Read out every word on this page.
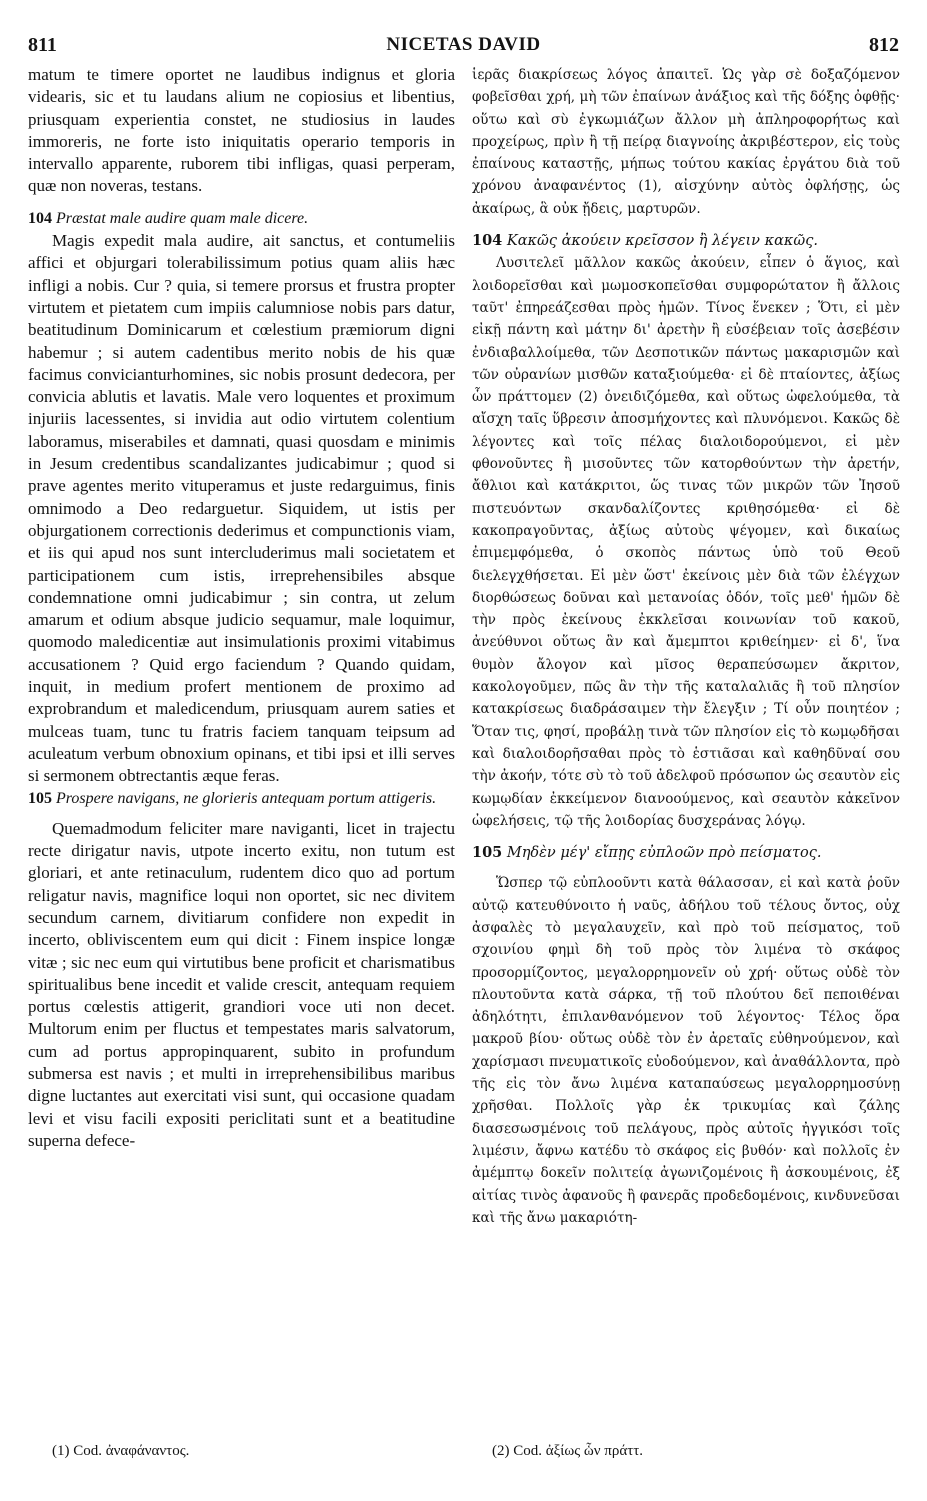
811	NICETAS DAVID	812

matum te timere oportet ne laudibus indignus et gloria videaris, sic et tu laudans alium ne copiosius et libentius, priusquam experientia constet, ne studiosius in laudes immoreris, ne forte isto iniquitatis operario temporis in intervallo apparente, ruborem tibi infligas, quasi perperam, quæ non noveras, testans.

104 Præstat male audire quam male dicere.

Magis expedit mala audire, ait sanctus, et contumeliis affici et objurgari tolerabilissimum potius quam aliis hæc infligi a nobis. Cur ? quia, si temere prorsus et frustra propter virtutem et pietatem cum impiis calumniose nobis pars datur, beatitudinum Dominicarum et cœlestium præmiorum digni habemur ; si autem cadentibus merito nobis de his quæ facimus convicianturhomines, sic nobis prosunt dedecora, per convicia ablutis et lavatis. Male vero loquentes et proximum injuriis lacessentes, si invidia aut odio virtutem colentium laboramus, miserabiles et damnati, quasi quosdam e minimis in Jesum credentibus scandalizantes judicabimur ; quod si prave agentes merito vituperamus et juste redarguimus, finis omnimodo a Deo redarguetur. Siquidem, ut istis per objurgationem correctionis dederimus et compunctionis viam, et iis qui apud nos sunt intercluderimus mali societatem et participationem cum istis, irreprehensibiles absque condemnatione omni judicabimur ; sin contra, ut zelum amarum et odium absque judicio sequamur, male loquimur, quomodo maledicentiæ aut insimulationis proximi vitabimus accusationem ? Quid ergo faciendum ? Quando quidam, inquit, in medium profert mentionem de proximo ad exprobrandum et maledicendum, priusquam aurem saties et mulceas tuam, tunc tu fratris faciem tanquam teipsum ad aculeatum verbum obnoxium opinans, et tibi ipsi et illi serves si sermonem obtrectantis æque feras.

105 Prospere navigans, ne glorieris antequam portum attigeris.

Quemadmodum feliciter mare naviganti, licet in trajectu recte dirigatur navis, utpote incerto exitu, non tutum est gloriari, et ante retinaculum, rudentem dico quo ad portum religatur navis, magnifice loqui non oportet, sic nec divitem secundum carnem, divitiarum confidere non expedit in incerto, obliviscentem eum qui dicit : Finem inspice longæ vitæ ; sic nec eum qui virtutibus bene proficit et charismatibus spiritualibus bene incedit et valide crescit, antequam requiem portus cœlestis attigerit, grandiori voce uti non decet. Multorum enim per fluctus et tempestates maris salvatorum, cum ad portus appropinquarent, subito in profundum submersa est navis ; et multi in irreprehensibilibus maribus digne luctantes aut exercitati visi sunt, qui occasione quadam levi et visu facili expositi periclitati sunt et a beatitudine superna defece-

ἱερᾶς διακρίσεως λόγος ἀπαιτεῖ. Ὡς γὰρ σὲ δοξαζόμενον φοβεῖσθαι χρή, μὴ τῶν ἐπαίνων ἀνάξιος καὶ τῆς δόξης ὀφθῇς· οὕτω καὶ σὺ ἐγκωμιάζων ἄλλον μὴ ἀπληροφορήτως καὶ προχείρως, πρὶν ἢ τῇ πείρᾳ διαγνοίης ἀκριβέστερον, εἰς τοὺς ἐπαίνους καταστῇς, μήπως τούτου κακίας ἐργάτου διὰ τοῦ χρόνου ἀναφανέντος (1), αἰσχύνην αὐτὸς ὀφλήσῃς, ὡς ἀκαίρως, ἃ οὐκ ᾔδεις, μαρτυρῶν.

104 Κακῶς ἀκούειν κρεῖσσον ἢ λέγειν κακῶς.

Λυσιτελεῖ μᾶλλον κακῶς ἀκούειν, εἶπεν ὁ ἅγιος, καὶ λοιδορεῖσθαι καὶ μωμοσκοπεῖσθαι συμφορώτατον ἢ ἄλλοις ταῦτ' ἐπηρεάζεσθαι πρὸς ἡμῶν. Τίνος ἕνεκεν ; Ὅτι, εἰ μὲν εἰκῇ πάντη καὶ μάτην δι' ἀρετὴν ἢ εὐσέβειαν τοῖς ἀσεβέσιν ἐνδιαβαλλοίμεθα, τῶν Δεσποτικῶν πάντως μακαρισμῶν καὶ τῶν οὐρανίων μισθῶν καταξιούμεθα· εἰ δὲ πταίοντες, ἀξίως ὧν πράττομεν (2) ὀνειδιζόμεθα, καὶ οὕτως ὠφελούμεθα, τὰ αἴσχη ταῖς ὕβρεσιν ἀποσμήχοντες καὶ πλυνόμενοι. Κακῶς δὲ λέγοντες καὶ τοῖς πέλας διαλοιδορούμενοι, εἰ μὲν φθονοῦντες ἢ μισοῦντες τῶν κατορθούντων τὴν ἀρετήν, ἄθλιοι καὶ κατάκριτοι, ὥς τινας τῶν μικρῶν τῶν Ἰησοῦ πιστευόντων σκανδαλίζοντες κριθησόμεθα· εἰ δὲ κακοπραγοῦντας, ἀξίως αὐτοὺς ψέγομεν, καὶ δικαίως ἐπιμεμφόμεθα, ὁ σκοπὸς πάντως ὑπὸ τοῦ Θεοῦ διελεγχθήσεται. Εἰ μὲν ὥστ' ἐκείνοις μὲν διὰ τῶν ἐλέγχων διορθώσεως δοῦναι καὶ μετανοίας ὁδόν, τοῖς μεθ' ἡμῶν δὲ τὴν πρὸς ἐκείνους ἐκκλεῖσαι κοινωνίαν τοῦ κακοῦ, ἀνεύθυνοι οὕτως ἂν καὶ ἄμεμπτοι κριθείημεν· εἰ δ', ἵνα θυμὸν ἄλογον καὶ μῖσος θεραπεύσωμεν ἄκριτον, κακολογοῦμεν, πῶς ἂν τὴν τῆς καταλαλιᾶς ἢ τοῦ πλησίον κατακρίσεως διαδράσαιμεν τὴν ἔλεγξιν ; Τί οὖν ποιητέον ; Ὅταν τις, φησί, προβάλῃ τινὰ τῶν πλησίον εἰς τὸ κωμῳδῆσαι καὶ διαλοιδορῆσαθαι πρὸς τὸ ἑστιᾶσαι καὶ καθηδῦναί σου τὴν ἀκοήν, τότε σὺ τὸ τοῦ ἀδελφοῦ πρόσωπον ὡς σεαυτὸν εἰς κωμῳδίαν ἐκκείμενον διανοούμενος, καὶ σεαυτὸν κἀκεῖνον ὠφελήσεις, τῷ τῆς λοιδορίας δυσχεράνας λόγῳ.

105 Μηδὲν μέγ' εἴπῃς εὐπλοῶν πρὸ πείσματος.

Ὥσπερ τῷ εὐπλοοῦντι κατὰ θάλασσαν, εἰ καὶ κατὰ ῥοῦν αὐτῷ κατευθύνοιτο ἡ ναῦς, ἀδήλου τοῦ τέλους ὄντος, οὐχ ἀσφαλὲς τὸ μεγαλαυχεῖν, καὶ πρὸ τοῦ πείσματος, τοῦ σχοινίου φημὶ δὴ τοῦ πρὸς τὸν λιμένα τὸ σκάφος προσορμίζοντος, μεγαλορρημονεῖν οὐ χρή· οὕτως οὐδὲ τὸν πλουτοῦντα κατὰ σάρκα, τῇ τοῦ πλούτου δεῖ πεποιθέναι ἀδηλότητι, ἐπιλανθανόμενον τοῦ λέγοντος· Τέλος ὅρα μακροῦ βίου· οὕτως οὐδὲ τὸν ἐν ἀρεταῖς εὐθηνούμενον, καὶ χαρίσμασι πνευματικοῖς εὐοδούμενον, καὶ ἀναθάλλοντα, πρὸ τῆς εἰς τὸν ἄνω λιμένα καταπαύσεως μεγαλορρημοσύνῃ χρῆσθαι. Πολλοῖς γὰρ ἐκ τρικυμίας καὶ ζάλης διασεσωσμένοις τοῦ πελάγους, πρὸς αὐτοῖς ἠγγικόσι τοῖς λιμέσιν, ἄφνω κατέδυ τὸ σκάφος εἰς βυθόν· καὶ πολλοῖς ἐν ἀμέμπτῳ δοκεῖν πολιτείᾳ ἀγωνιζομένοις ἢ ἀσκουμένοις, ἐξ αἰτίας τινὸς ἀφανοῦς ἢ φανερᾶς προδεδομένοις, κινδυνεῦσαι καὶ τῆς ἄνω μακαριότη-

(1) Cod. ἀναφάναντος.	(2) Cod. ἀξίως ὧν πράττ.
